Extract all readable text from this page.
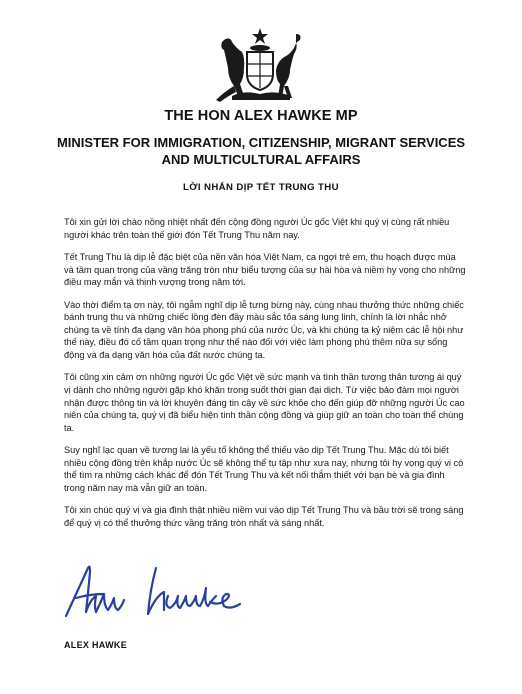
THE HON ALEX HAWKE MP
MINISTER FOR IMMIGRATION, CITIZENSHIP, MIGRANT SERVICES
AND MULTICULTURAL AFFAIRS
LỜI NHẮN DỊP TẾT TRUNG THU

Tôi xin gửi lời chào nồng nhiệt nhất đến cộng đồng người Úc gốc Việt khi quý vị cùng rất nhiều người khác trên toàn thế giới đón Tết Trung Thu năm nay.

Tết Trung Thu là dịp lễ đặc biệt của nền văn hóa Việt Nam, ca ngợi trẻ em, thu hoạch được mùa và tầm quan trọng của vầng trăng tròn như biểu tượng của sự hài hòa và niềm hy vọng cho những điều may mắn và thịnh vượng trong năm tới.

Vào thời điểm tạ ơn này, tôi ngẫm nghĩ dịp lễ tưng bừng này, cùng nhau thưởng thức những chiếc bánh trung thu và những chiếc lồng đèn đầy màu sắc tỏa sáng lung linh, chính là lời nhắc nhở chúng ta về tính đa dạng văn hóa phong phú của nước Úc, và khi chúng ta kỷ niệm các lễ hội như thế này, điều đó cố tầm quan trọng như thế nào đối với việc làm phong phú thêm nữa sự sống động và đa dạng văn hóa của đất nước chúng ta.

Tôi cũng xin cảm ơn những người Úc gốc Việt về sức mạnh và tình thần tương thân tương ái quý vị dành cho những người gặp khó khăn trong suốt thời gian đại dịch. Từ việc bảo đảm mọi người nhận được thông tin và lời khuyên đáng tin cậy về sức khỏe cho đến giúp đỡ những người Úc cao niên của chúng ta, quý vị đã biểu hiện tinh thần cộng đồng và giúp giữ an toàn cho toàn thể chúng ta.

Suy nghĩ lạc quan về tương lai là yếu tố không thể thiếu vào dịp Tết Trung Thu. Mặc dù tôi biết nhiều cộng đồng trên khắp nước Úc sẽ không thể tụ tập như xưa nay, nhưng tôi hy vọng quý vị có thể tìm ra những cách khác để đón Tết Trung Thu và kết nối thắm thiết với bạn bè và gia đình trong năm nay mà vẫn giữ an toàn.

Tôi xin chúc quý vị và gia đình thật nhiều niềm vui vào dịp Tết Trung Thu và bầu trời sẽ trong sáng để quý vị có thể thưởng thức vầng trăng tròn nhất và sáng nhất.

ALEX HAWKE
